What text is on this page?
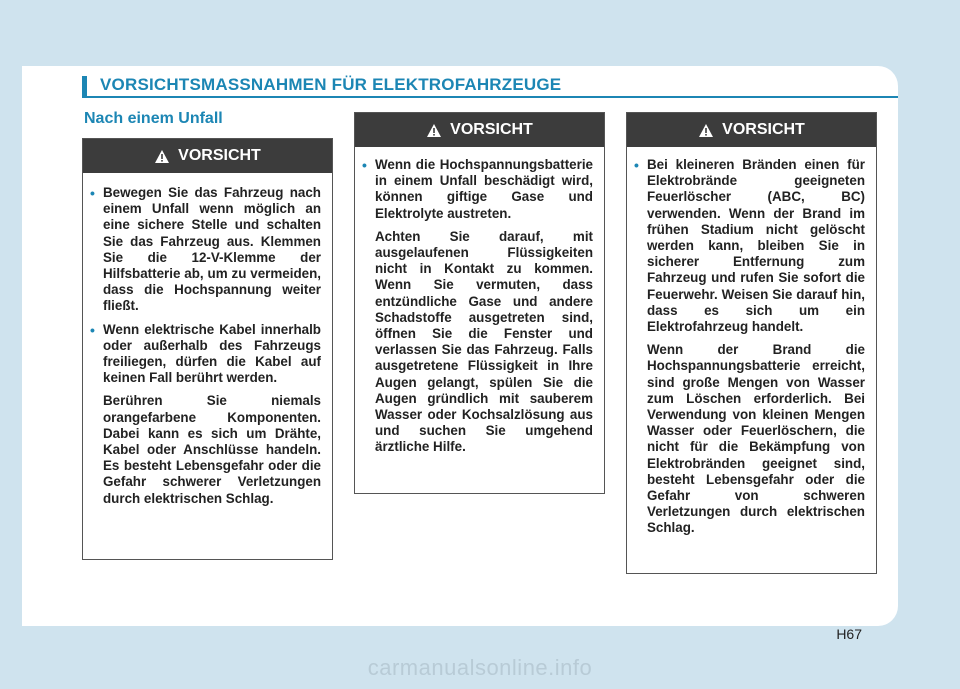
VORSICHTSMASSNAHMEN FÜR ELEKTROFAHRZEUGE
Nach einem Unfall
VORSICHT
• Bewegen Sie das Fahrzeug nach einem Unfall wenn möglich an eine sichere Stelle und schalten Sie das Fahrzeug aus. Klemmen Sie die 12-V-Klemme der Hilfsbatterie ab, um zu vermeiden, dass die Hochspannung weiter fließt.
• Wenn elektrische Kabel innerhalb oder außerhalb des Fahrzeugs freiliegen, dürfen die Kabel auf keinen Fall berührt werden.
Berühren Sie niemals orangefarbene Komponenten. Dabei kann es sich um Drähte, Kabel oder Anschlüsse handeln. Es besteht Lebensgefahr oder die Gefahr schwerer Verletzungen durch elektrischen Schlag.
VORSICHT
• Wenn die Hochspannungsbatterie in einem Unfall beschädigt wird, können giftige Gase und Elektrolyte austreten.
Achten Sie darauf, mit ausgelaufenen Flüssigkeiten nicht in Kontakt zu kommen. Wenn Sie vermuten, dass entzündliche Gase und andere Schadstoffe ausgetreten sind, öffnen Sie die Fenster und verlassen Sie das Fahrzeug. Falls ausgetretene Flüssigkeit in Ihre Augen gelangt, spülen Sie die Augen gründlich mit sauberem Wasser oder Kochsalzlösung aus und suchen Sie umgehend ärztliche Hilfe.
VORSICHT
• Bei kleineren Bränden einen für Elektrobrände geeigneten Feuerlöscher (ABC, BC) verwenden. Wenn der Brand im frühen Stadium nicht gelöscht werden kann, bleiben Sie in sicherer Entfernung zum Fahrzeug und rufen Sie sofort die Feuerwehr. Weisen Sie darauf hin, dass es sich um ein Elektrofahrzeug handelt.
Wenn der Brand die Hochspannungsbatterie erreicht, sind große Mengen von Wasser zum Löschen erforderlich. Bei Verwendung von kleinen Mengen Wasser oder Feuerlöschern, die nicht für die Bekämpfung von Elektrobränden geeignet sind, besteht Lebensgefahr oder die Gefahr von schweren Verletzungen durch elektrischen Schlag.
H67
carmanualsonline.info
